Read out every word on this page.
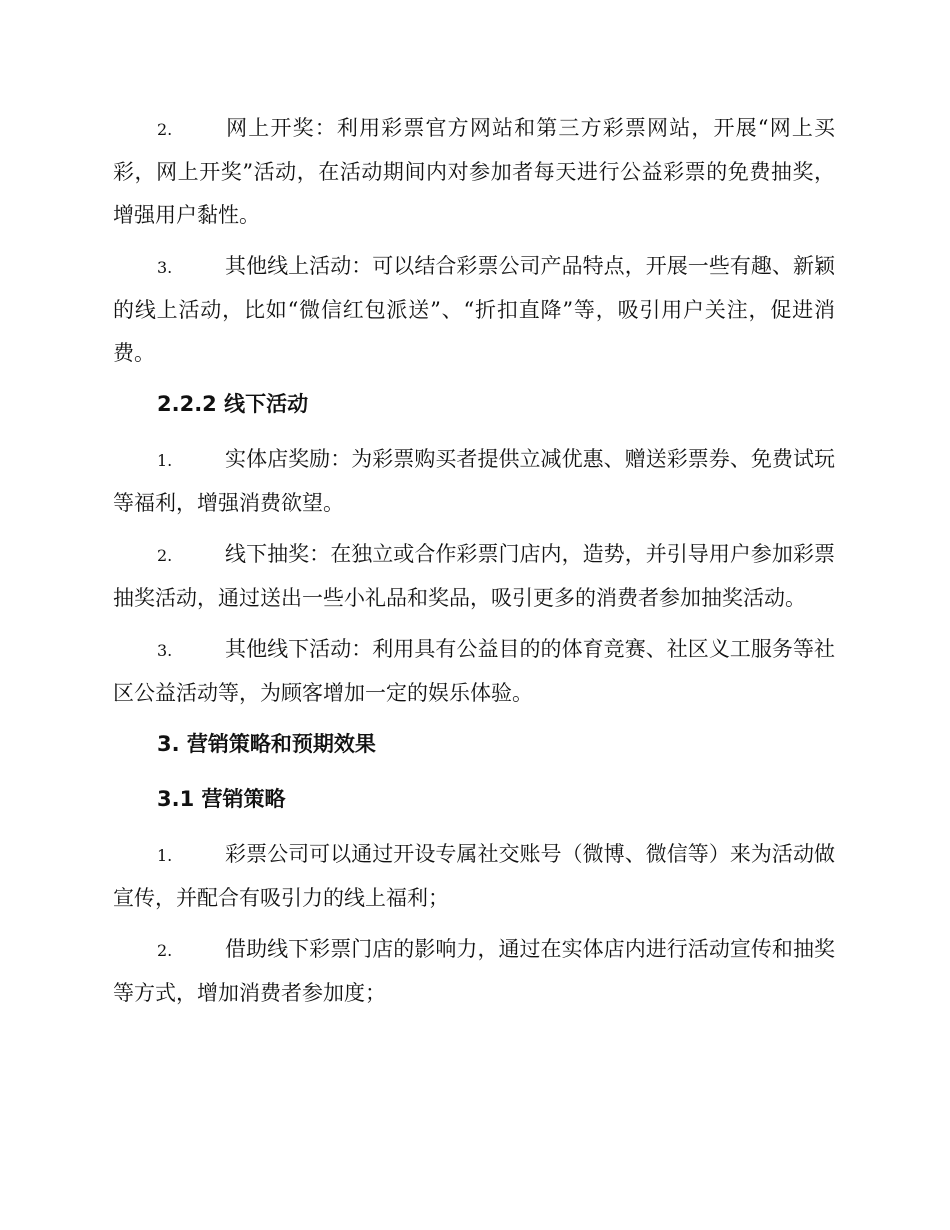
2.	网上开奖：利用彩票官方网站和第三方彩票网站，开展“网上买彩，网上开奖”活动，在活动期间内对参加者每天进行公益彩票的免费抽奖，增强用户黏性。

3.	其他线上活动：可以结合彩票公司产品特点，开展一些有趣、新颖的线上活动，比如“微信红包派送”、“折扣直降”等，吸引用户关注，促进消费。

2.2.2 线下活动

1.	实体店奖励：为彩票购买者提供立减优惠、赠送彩票券、免费试玩等福利，增强消费欲望。

2.	线下抽奖：在独立或合作彩票门店内，造势，并引导用户参加彩票抽奖活动，通过送出一些小礼品和奖品，吸引更多的消费者参加抽奖活动。

3.	其他线下活动：利用具有公益目的的体育竞赛、社区义工服务等社区公益活动等，为顾客增加一定的娱乐体验。

3. 营销策略和预期效果
3.1 营销策略

1.	彩票公司可以通过开设专属社交账号（微博、微信等）来为活动做宣传，并配合有吸引力的线上福利；

2.	借助线下彩票门店的影响力，通过在实体店内进行活动宣传和抽奖等方式，增加消费者参加度；
